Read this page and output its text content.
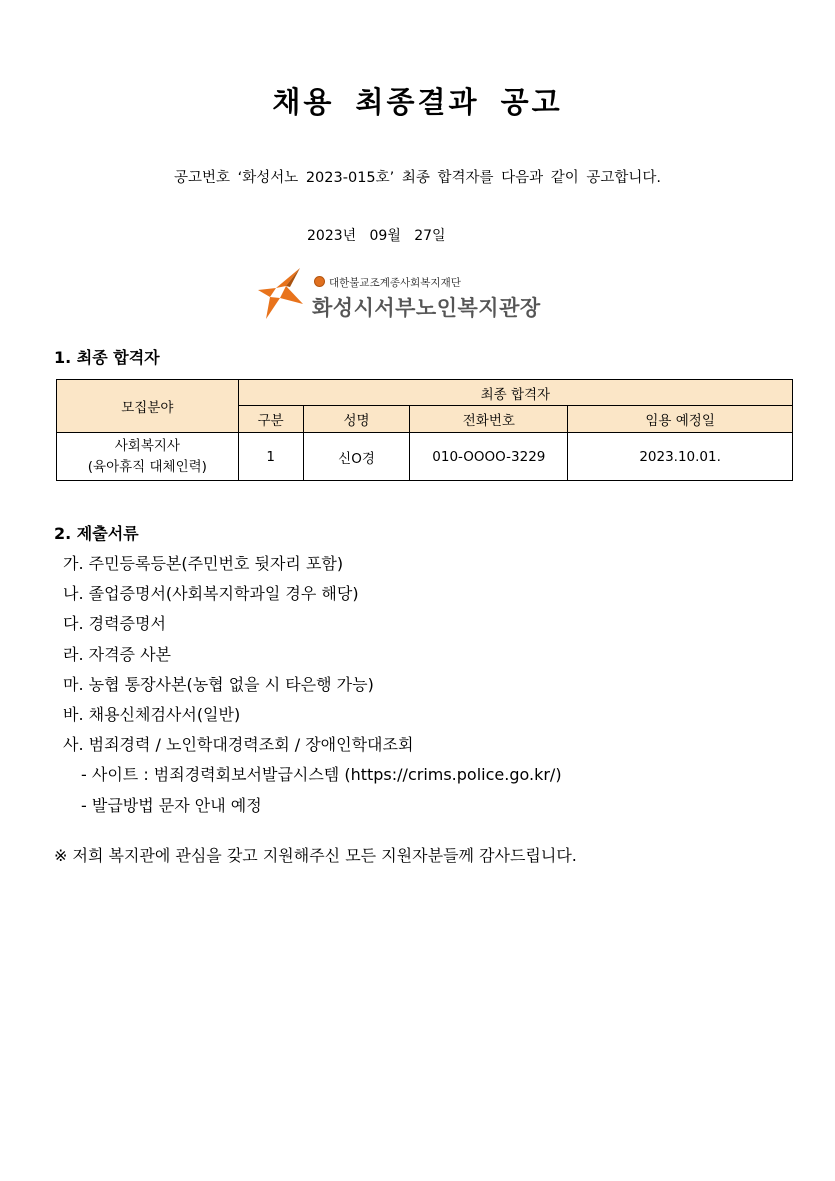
채용 최종결과 공고
공고번호 ‘화성서노 2023-015호’ 최종 합격자를 다음과 같이 공고합니다.
2023년   09월   27일
대한불교조계종사회복지재단
화성시서부노인복지관장
1. 최종 합격자
모집분야	최종 합격자			
	구분	성명	전화번호	임용 예정일

사회복지사
(육아휴직 대체인력)	1	신O경	010-OOOO-3229	2023.10.01.
2. 제출서류
가. 주민등록등본(주민번호 뒷자리 포함)
나. 졸업증명서(사회복지학과일 경우 해당)
다. 경력증명서
라. 자격증 사본
마. 농협 통장사본(농협 없을 시 타은행 가능)
바. 채용신체검사서(일반)
사. 범죄경력 / 노인학대경력조회 / 장애인학대조회
- 사이트 : 범죄경력회보서발급시스템 (https://crims.police.go.kr/)
- 발급방법 문자 안내 예정
※ 저희 복지관에 관심을 갖고 지원해주신 모든 지원자분들께 감사드립니다.
